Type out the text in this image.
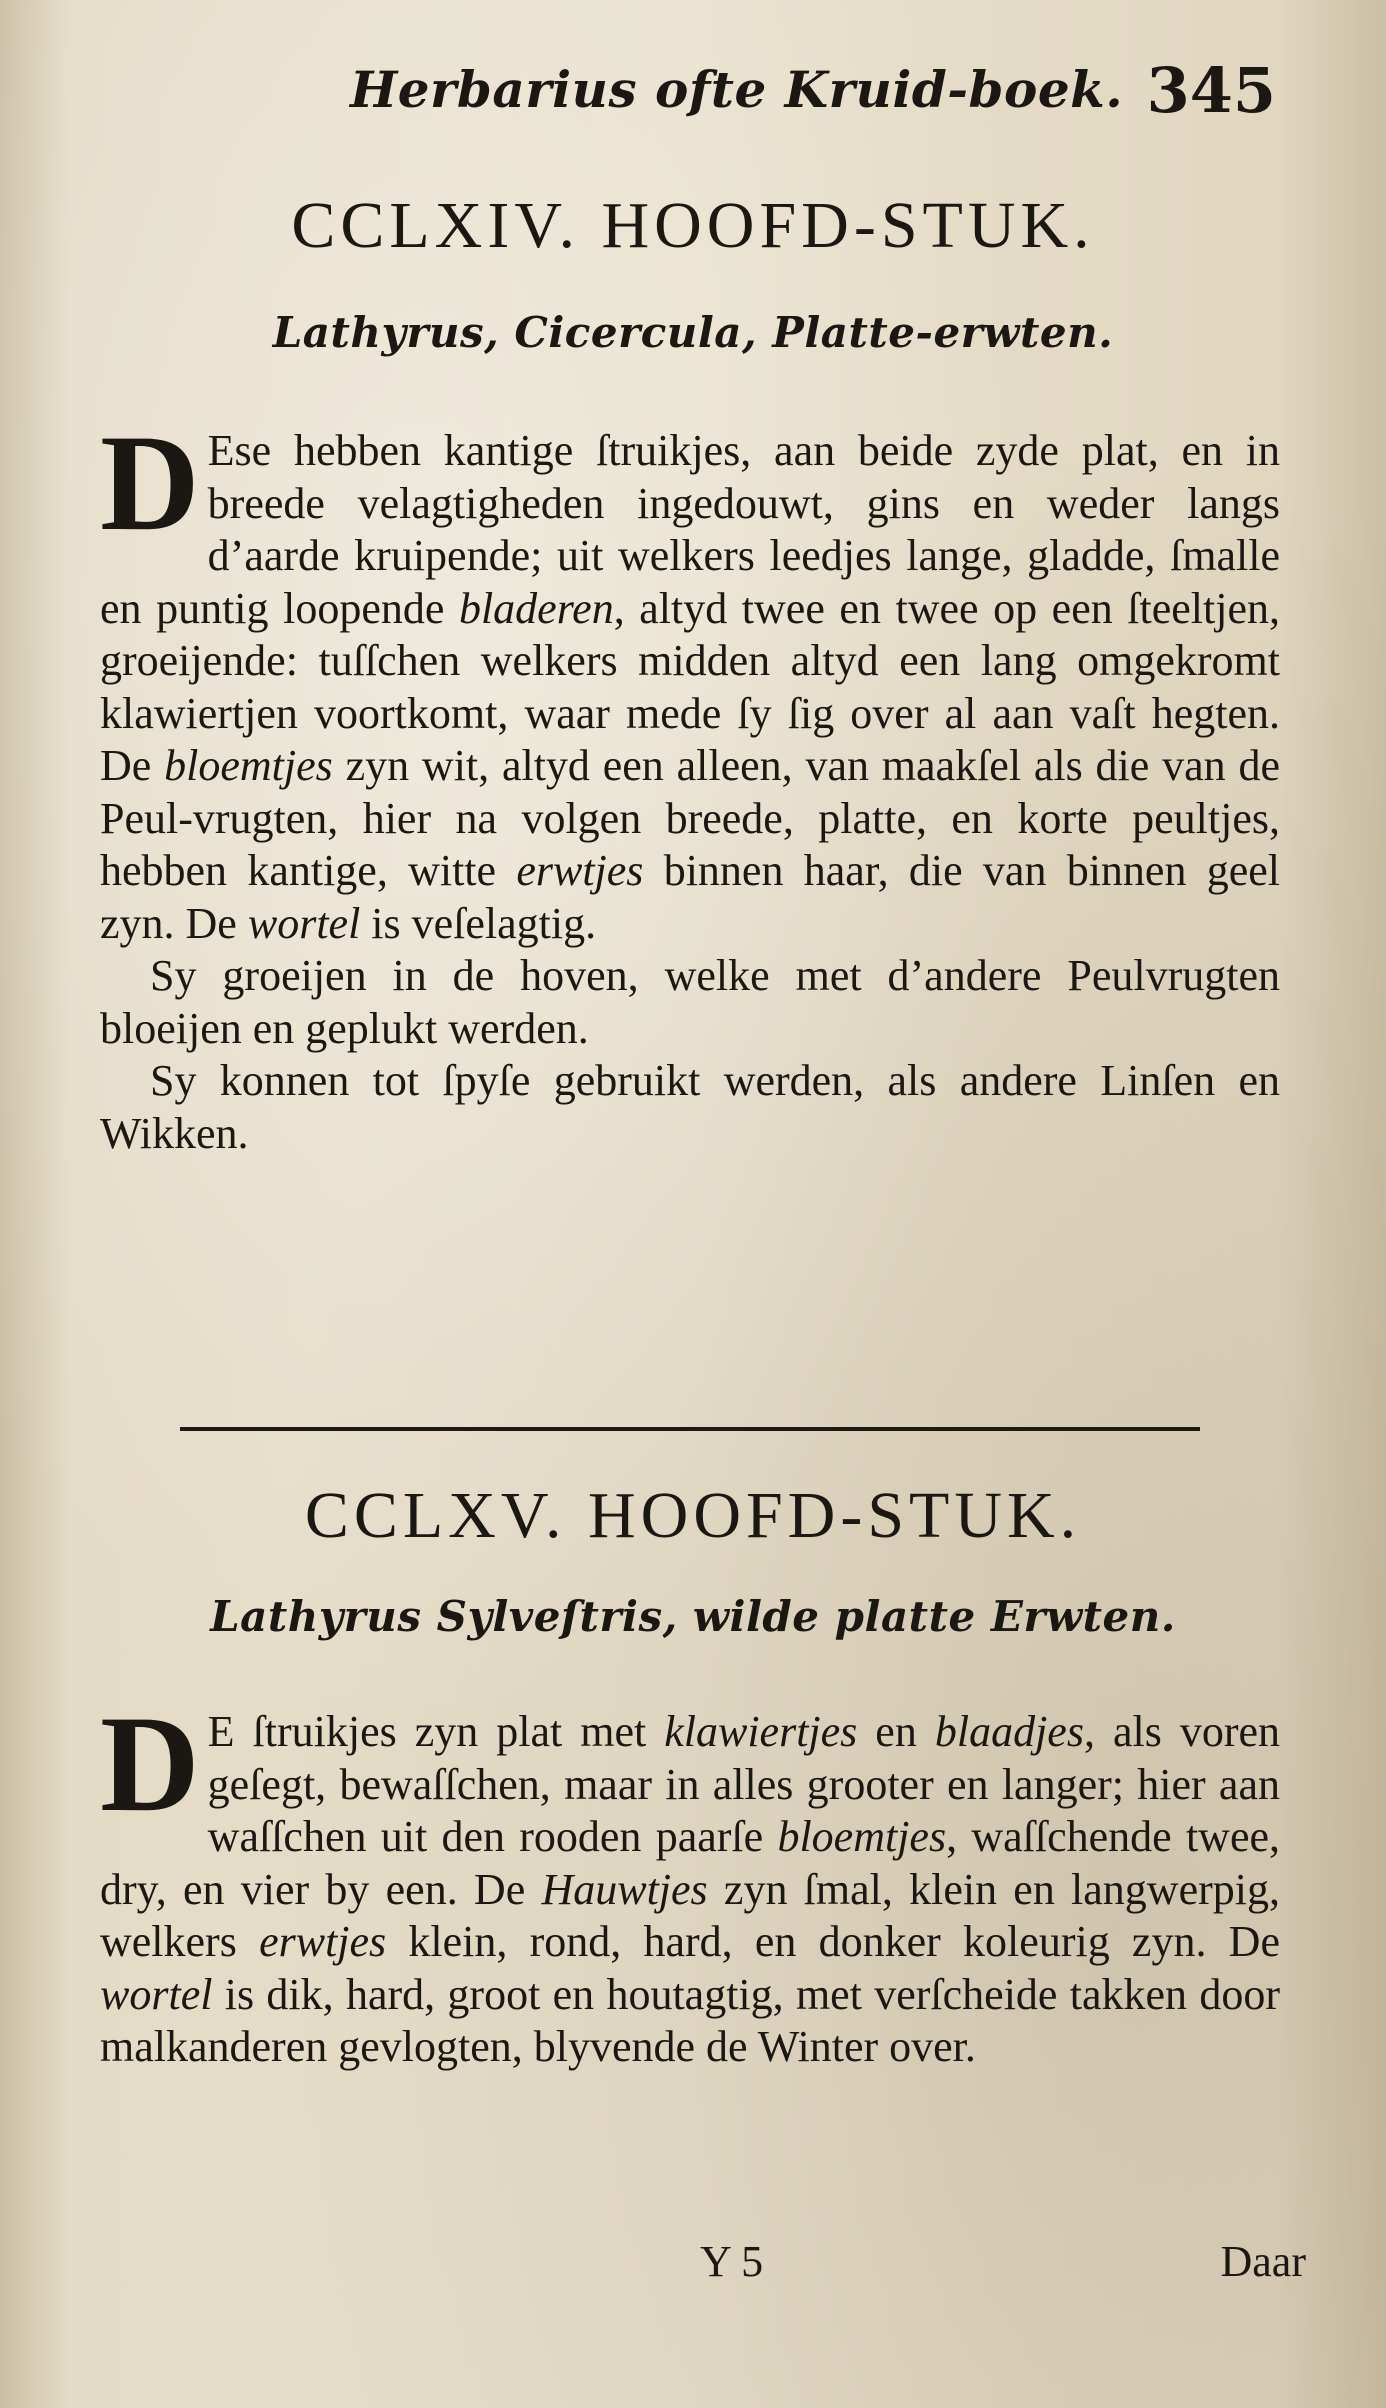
Herbarius ofte Kruid-boek. 345
CCLXIV. HOOFD-STUK.
Lathyrus, Cicercula, Platte-erwten.

D Ese hebben kantige ſtruikjes, aan beide zyde plat, en in breede velagtigheden ingedouwt, gins en weder langs d’aarde kruipende; uit welkers leedjes lange, gladde, ſmalle en puntig loopende bladeren, altyd twee en twee op een ſteeltjen, groeijende: tuſſchen welkers midden altyd een lang omgekromt klawiertjen voortkomt, waar mede ſy ſig over al aan vaſt hegten. De bloemtjes zyn wit, altyd een alleen, van maakſel als die van de Peul-vrugten, hier na volgen breede, platte, en korte peultjes, hebben kantige, witte erwtjes binnen haar, die van binnen geel zyn. De wortel is veſelagtig.

Sy groeijen in de hoven, welke met d’andere Peulvrugten bloeijen en geplukt werden.

Sy konnen tot ſpyſe gebruikt werden, als andere Linſen en Wikken.

CCLXV. HOOFD-STUK.
Lathyrus Sylveſtris, wilde platte Erwten.

D E ſtruikjes zyn plat met klawiertjes en blaadjes, als voren geſegt, bewaſſchen, maar in alles grooter en langer; hier aan waſſchen uit den rooden paarſe bloemtjes, waſſchende twee, dry, en vier by een. De Hauwtjes zyn ſmal, klein en langwerpig, welkers erwtjes klein, rond, hard, en donker koleurig zyn. De wortel is dik, hard, groot en houtagtig, met verſcheide takken door malkanderen gevlogten, blyvende de Winter over.

Y 5	Daar
